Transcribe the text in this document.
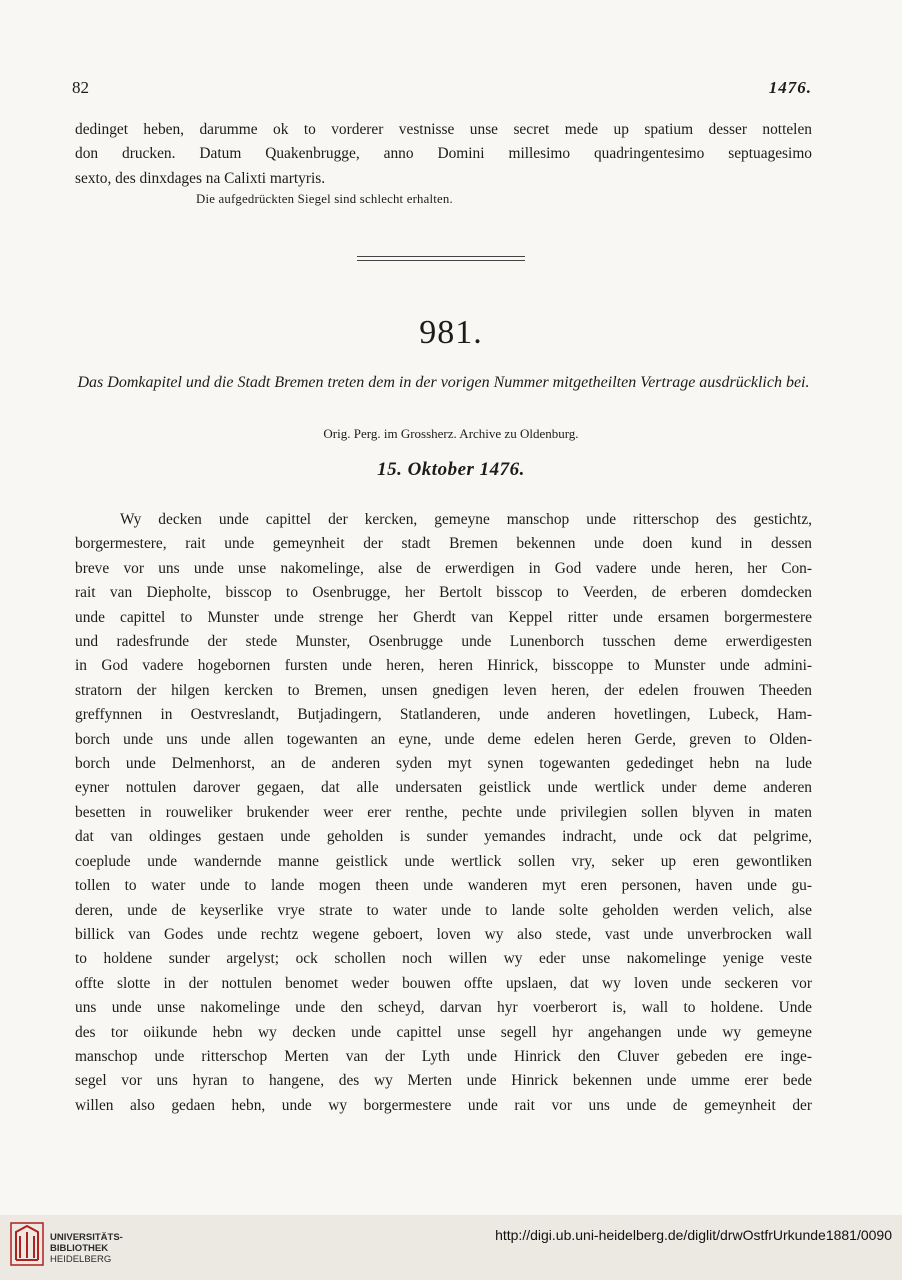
82	1476.
dedinget heben, darumme ok to vorderer vestnisse unse secret mede up spatium desser nottelen
don drucken. Datum Quakenbrugge, anno Domini millesimo quadringentesimo septuagesimo
sexto, des dinxdages na Calixti martyris.
Die aufgedrückten Siegel sind schlecht erhalten.
981.
Das Domkapitel und die Stadt Bremen treten dem in der vorigen Nummer mitgetheilten Vertrage ausdrücklich bei.
Orig. Perg. im Grossherz. Archive zu Oldenburg.
15. Oktober 1476.
Wy decken unde capittel der kercken, gemeyne manschop unde ritterschop des gestichtz,
borgermestere, rait unde gemeynheit der stadt Bremen bekennen unde doen kund in dessen
breve vor uns unde unse nakomelinge, alse de erwerdigen in God vadere unde heren, her Con-
rait van Diepholte, bisscop to Osenbrugge, her Bertolt bisscop to Veerden, de erberen domdecken
unde capittel to Munster unde strenge her Gherdt van Keppel ritter unde ersamen borgermestere
und radesfrunde der stede Munster, Osenbrugge unde Lunenborch tusschen deme erwerdigesten
in God vadere hogebornen fursten unde heren, heren Hinrick, bisscoppe to Munster unde admini-
stratorn der hilgen kercken to Bremen, unsen gnedigen leven heren, der edelen frouwen Theeden
greffynnen in Oestvreslandt, Butjadingern, Statlanderen, unde anderen hovetlingen, Lubeck, Ham-
borch unde uns unde allen togewanten an eyne, unde deme edelen heren Gerde, greven to Olden-
borch unde Delmenhorst, an de anderen syden myt synen togewanten gededinget hebn na lude
eyner nottulen darover gegaen, dat alle undersaten geistlick unde wertlick under deme anderen
besetten in rouweliker brukender weer erer renthe, pechte unde privilegien sollen blyven in maten
dat van oldinges gestaen unde geholden is sunder yemandes indracht, unde ock dat pelgrime,
coeplude unde wandernde manne geistlick unde wertlick sollen vry, seker up eren gewontliken
tollen to water unde to lande mogen theen unde wanderen myt eren personen, haven unde gu-
deren, unde de keyserlike vrye strate to water unde to lande solte geholden werden velich, alse
billick van Godes unde rechtz wegene geboert, loven wy also stede, vast unde unverbrocken wall
to holdene sunder argelyst; ock schollen noch willen wy eder unse nakomelinge yenige veste
offte slotte in der nottulen benomet weder bouwen offte upslaen, dat wy loven unde seckeren vor
uns unde unse nakomelinge unde den scheyd, darvan hyr voerberort is, wall to holdene. Unde
des tor oiikunde hebn wy decken unde capittel unse segell hyr angehangen unde wy gemeyne
manschop unde ritterschop Merten van der Lyth unde Hinrick den Cluver gebeden ere inge-
segel vor uns hyran to hangene, des wy Merten unde Hinrick bekennen unde umme erer bede
willen also gedaen hebn, unde wy borgermestere unde rait vor uns unde de gemeynheit der
UNIVERSITÄTS-
BIBLIOTHEK
HEIDELBERG
http://digi.ub.uni-heidelberg.de/diglit/drwOstfrUrkunde1881/0090
